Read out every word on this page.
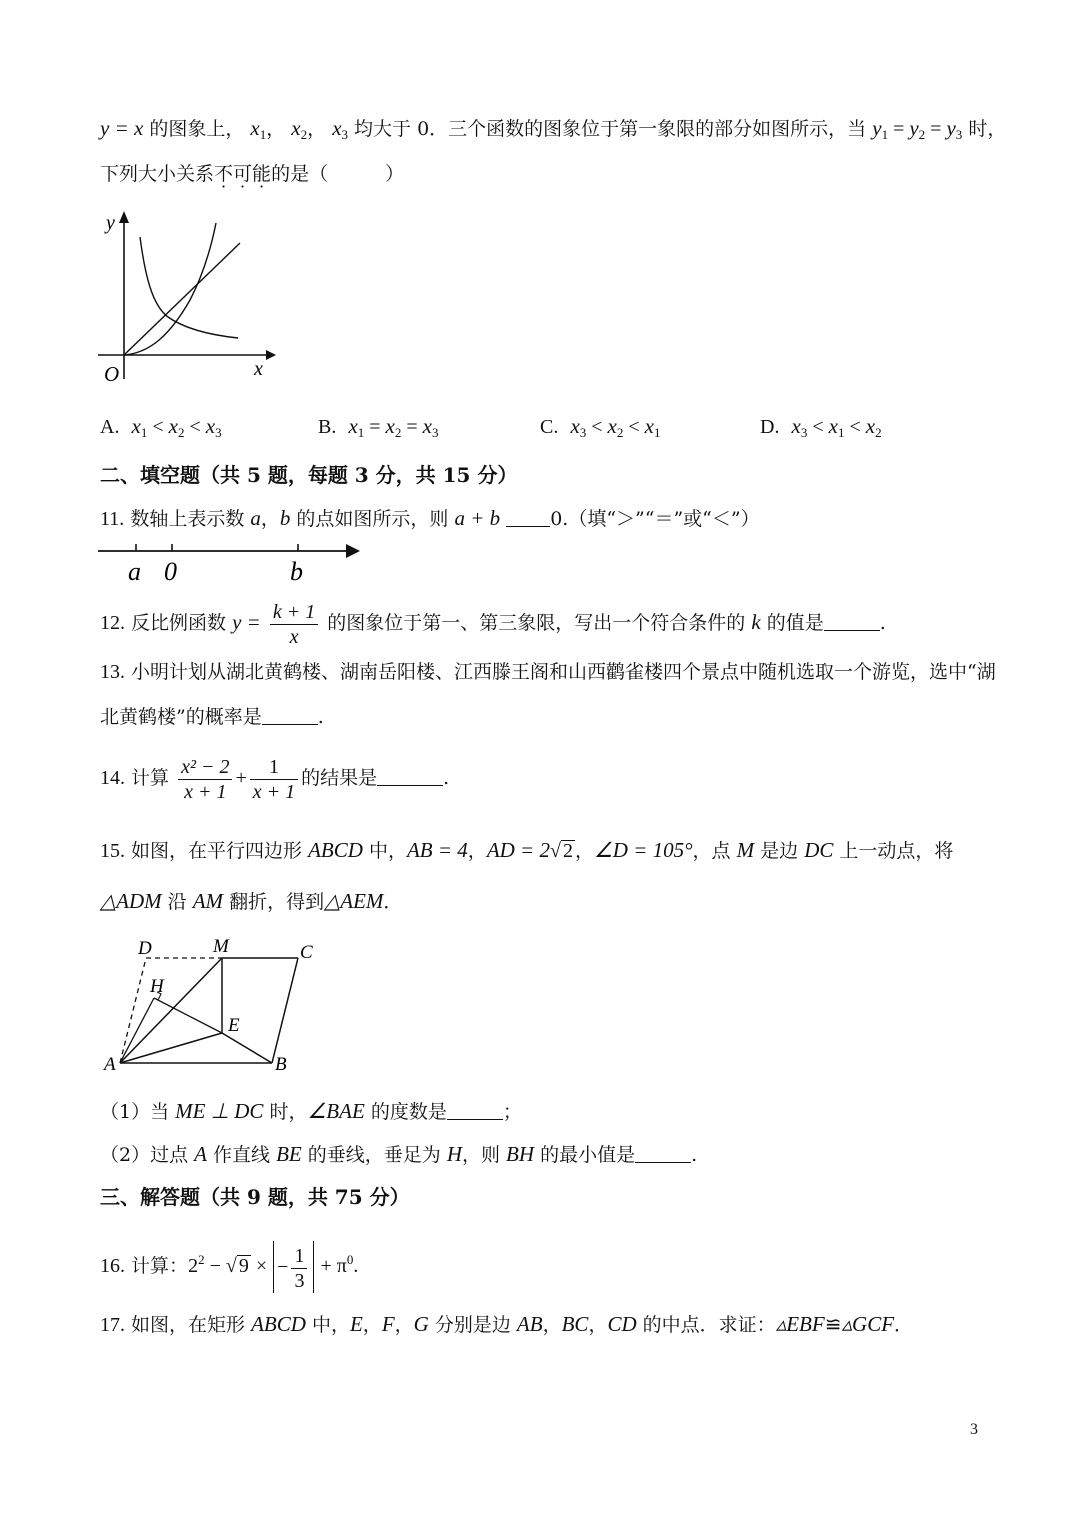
y = x 的图象上， $x_1$， $x_2$， $x_3$ 均大于 0．三个函数的图象位于第一象限的部分如图所示，当 $y_1 = y_2 = y_3$ 时，
下列大小关系不可能的是（　　　）
y
x
O
A. $x_1 < x_2 < x_3$	B. $x_1 = x_2 = x_3$	C. $x_3 < x_2 < x_1$	D. $x_3 < x_1 < x_2$
二、填空题（共 5 题，每题 3 分，共 15 分）
11. 数轴上表示数 a，b 的点如图所示，则 a + b	0.（填“＞”“＝”或“＜”）
a 0	b
12. 反比例函数 $y = \frac{k + 1}{x}$ 的图象位于第一、第三象限，写出一个符合条件的 k 的值是	.
13. 小明计划从湖北黄鹤楼、湖南岳阳楼、江西滕王阁和山西鹳雀楼四个景点中随机选取一个游览，选中“湖
北黄鹤楼”的概率是	.
14. 计算 $\frac{\text{x² − 2}}{x + 1} + \frac{1}{x + 1}$ 的结果是	.
15. 如图，在平行四边形 ABCD 中，AB = 4，AD = 2√ 2 ，∠D = 105°，点 M 是边 DC 上一动点，将
△ADM 沿 AM 翻折，得到△AEM．
D	M	C
H
E
A	B
（1）当 ME ⊥ DC 时，∠BAE 的度数是	；
（2）过点 A 作直线 BE 的垂线，垂足为 H，则 BH 的最小值是	.
三、解答题（共 9 题，共 75 分）
16. 计算：$2^2$ − √ 9 × − $\frac{1}{3} + \pi^0$.
17. 如图，在矩形 ABCD 中，E，F，G 分别是边 AB，BC，CD 的中点．求证：▵EBF≌▵GCF．
3
